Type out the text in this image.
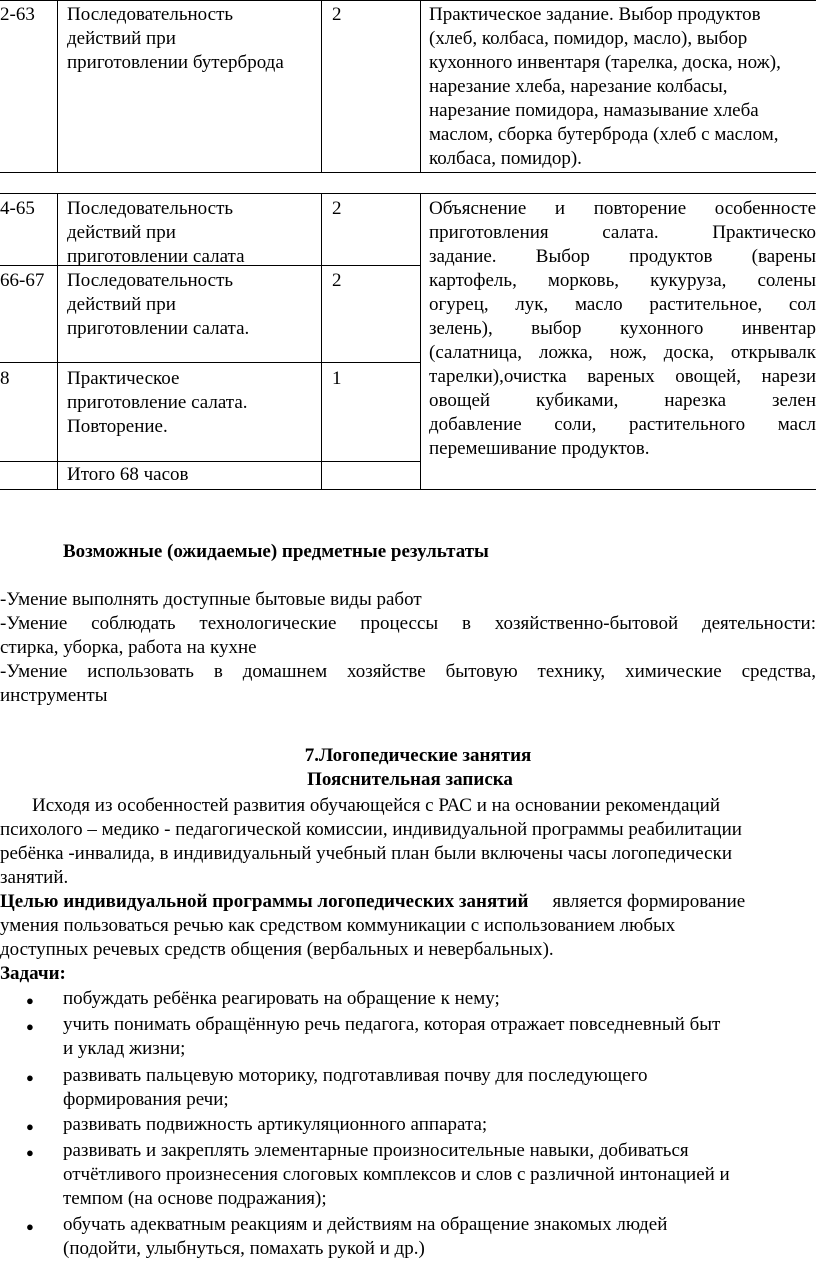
2-63 Последовательность
действий при
приготовлении бутерброда
2	Практическое задание. Выбор продуктов
(хлеб, колбаса, помидор, масло), выбор
кухонного инвентаря (тарелка, доска, нож),
нарезание хлеба, нарезание колбасы,
нарезание помидора, намазывание хлеба
маслом, сборка бутерброда (хлеб с маслом,
колбаса, помидор).
4-65 Последовательность
действий при
приготовлении салата
2
66-67 Последовательность
действий при
приготовлении салата.
2
8	Практическое
приготовление салата.
Повторение.
1
Итого 68 часов
Объяснение и повторение особенносте
приготовления салата. Практическо
задание. Выбор продуктов (варены
картофель, морковь, кукуруза, солены
огурец, лук, масло растительное, сол
зелень), выбор кухонного инвентар
(салатница, ложка, нож, доска, открывалк
тарелки),очистка вареных овощей, нарези
овощей кубиками, нарезка зелен
добавление соли, растительного масл
перемешивание продуктов.
Возможные (ожидаемые) предметные результаты
-Умение выполнять доступные бытовые виды работ
-Умение соблюдать технологические процессы в хозяйственно-бытовой деятельности:
стирка, уборка, работа на кухне
-Умение использовать в домашнем хозяйстве бытовую технику, химические средства,
инструменты
7.Логопедические занятия
Пояснительная записка
Исходя из особенностей развития обучающейся с РАС и на основании рекомендаций
психолого – медико - педагогической комиссии, индивидуальной программы реабилитации
ребёнка -инвалида, в индивидуальный учебный план были включены часы логопедически
занятий.
Целью индивидуальной программы логопедических занятий является формирование
умения пользоваться речью как средством коммуникации с использованием любых
доступных речевых средств общения (вербальных и невербальных).
Задачи:
● побуждать ребёнка реагировать на обращение к нему;
● учить понимать обращённую речь педагога, которая отражает повседневный быт
и уклад жизни;
● развивать пальцевую моторику, подготавливая почву для последующего
формирования речи;
● развивать подвижность артикуляционного аппарата;
● развивать и закреплять элементарные произносительные навыки, добиваться
отчётливого произнесения слоговых комплексов и слов с различной интонацией и
темпом (на основе подражания);
● обучать адекватным реакциям и действиям на обращение знакомых людей
(подойти, улыбнуться, помахать рукой и др.)
